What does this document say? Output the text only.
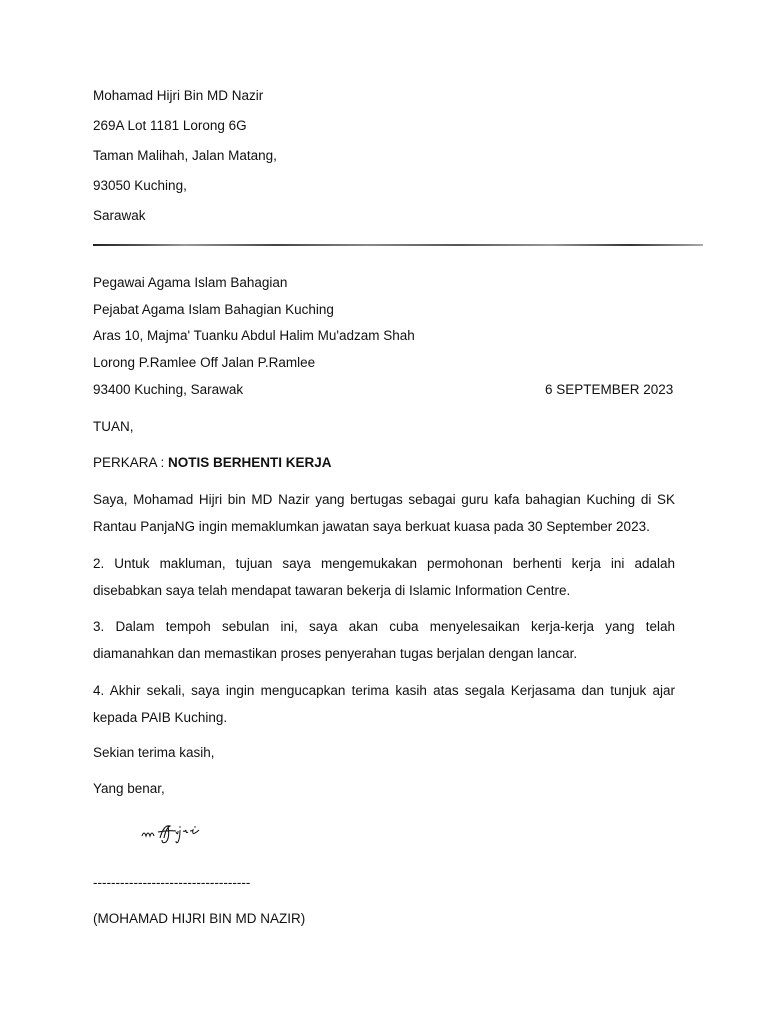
Mohamad Hijri Bin MD Nazir
269A Lot 1181 Lorong 6G
Taman Malihah, Jalan Matang,
93050 Kuching,
Sarawak
Pegawai Agama Islam Bahagian
Pejabat Agama Islam Bahagian Kuching
Aras 10, Majma' Tuanku Abdul Halim Mu'adzam Shah
Lorong P.Ramlee Off Jalan P.Ramlee
93400 Kuching, Sarawak	6 SEPTEMBER 2023
TUAN,
PERKARA : NOTIS BERHENTI KERJA

Saya, Mohamad Hijri bin MD Nazir yang bertugas sebagai guru kafa bahagian Kuching di SK Rantau PanjaNG ingin memaklumkan jawatan saya berkuat kuasa pada 30 September 2023.

2. Untuk makluman, tujuan saya mengemukakan permohonan berhenti kerja ini adalah disebabkan saya telah mendapat tawaran bekerja di Islamic Information Centre.

3. Dalam tempoh sebulan ini, saya akan cuba menyelesaikan kerja-kerja yang telah diamanahkan dan memastikan proses penyerahan tugas berjalan dengan lancar.

4. Akhir sekali, saya ingin mengucapkan terima kasih atas segala Kerjasama dan tunjuk ajar kepada PAIB Kuching.

Sekian terima kasih,
Yang benar,
-----------------------------------
(MOHAMAD HIJRI BIN MD NAZIR)
